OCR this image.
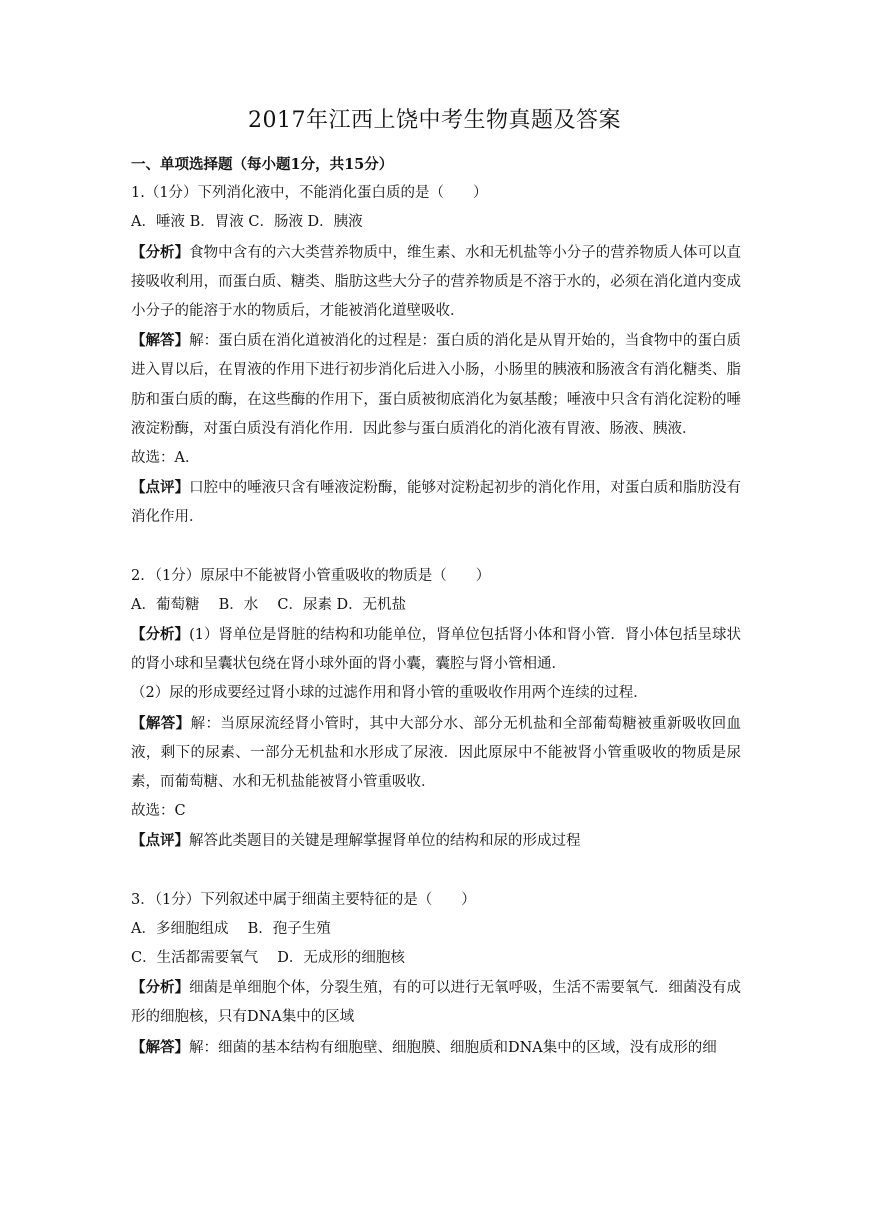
2017年江西上饶中考生物真题及答案

一、单项选择题（每小题1分，共15分）

1.（1分）下列消化液中，不能消化蛋白质的是（　　）

A．唾液 B．胃液 C．肠液 D．胰液

【分析】食物中含有的六大类营养物质中，维生素、水和无机盐等小分子的营养物质人体可以直接吸收利用，而蛋白质、糖类、脂肪这些大分子的营养物质是不溶于水的，必须在消化道内变成小分子的能溶于水的物质后，才能被消化道壁吸收．

【解答】解：蛋白质在消化道被消化的过程是：蛋白质的消化是从胃开始的，当食物中的蛋白质进入胃以后，在胃液的作用下进行初步消化后进入小肠，小肠里的胰液和肠液含有消化糖类、脂肪和蛋白质的酶，在这些酶的作用下，蛋白质被彻底消化为氨基酸；唾液中只含有消化淀粉的唾液淀粉酶，对蛋白质没有消化作用．因此参与蛋白质消化的消化液有胃液、肠液、胰液．

故选：A．

【点评】口腔中的唾液只含有唾液淀粉酶，能够对淀粉起初步的消化作用，对蛋白质和脂肪没有消化作用．

2．（1分）原尿中不能被肾小管重吸收的物质是（　　）

A．葡萄糖　 B．水　 C．尿素 D．无机盐

【分析】(1）肾单位是肾脏的结构和功能单位，肾单位包括肾小体和肾小管．肾小体包括呈球状的肾小球和呈囊状包绕在肾小球外面的肾小囊，囊腔与肾小管相通．

（2）尿的形成要经过肾小球的过滤作用和肾小管的重吸收作用两个连续的过程．

【解答】解：当原尿流经肾小管时，其中大部分水、部分无机盐和全部葡萄糖被重新吸收回血液，剩下的尿素、一部分无机盐和水形成了尿液．因此原尿中不能被肾小管重吸收的物质是尿素，而葡萄糖、水和无机盐能被肾小管重吸收．

故选：C

【点评】解答此类题目的关键是理解掌握肾单位的结构和尿的形成过程

3．（1分）下列叙述中属于细菌主要特征的是（　　）

A．多细胞组成　 B．孢子生殖

C．生活都需要氧气　 D．无成形的细胞核

【分析】细菌是单细胞个体，分裂生殖，有的可以进行无氧呼吸，生活不需要氧气．细菌没有成形的细胞核，只有DNA集中的区域

【解答】解：细菌的基本结构有细胞壁、细胞膜、细胞质和DNA集中的区域，没有成形的细
